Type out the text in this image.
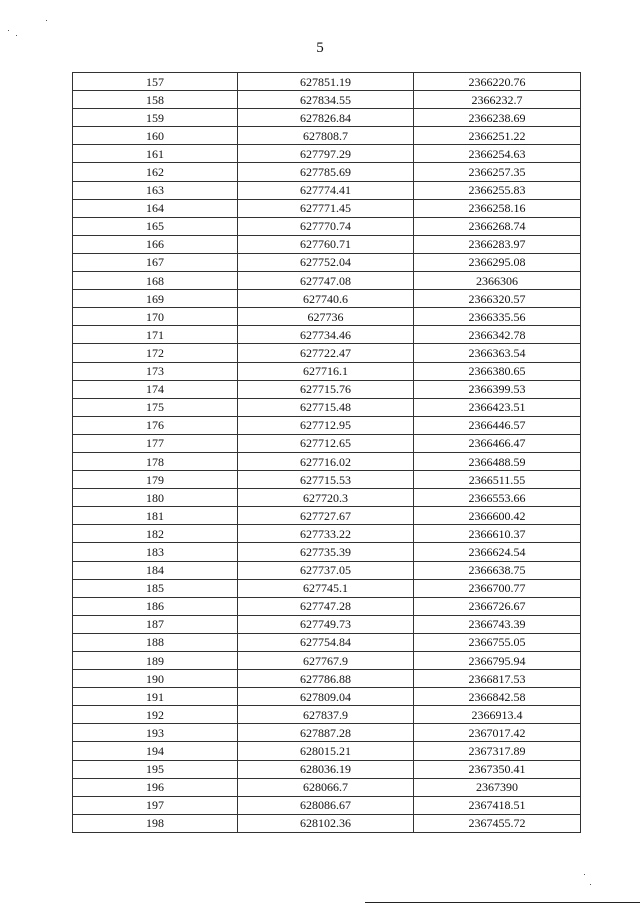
5
157	627851.19	2366220.76
158	627834.55	2366232.7
159	627826.84	2366238.69
160	627808.7	2366251.22
161	627797.29	2366254.63
162	627785.69	2366257.35
163	627774.41	2366255.83
164	627771.45	2366258.16
165	627770.74	2366268.74
166	627760.71	2366283.97
167	627752.04	2366295.08
168	627747.08	2366306
169	627740.6	2366320.57
170	627736	2366335.56
171	627734.46	2366342.78
172	627722.47	2366363.54
173	627716.1	2366380.65
174	627715.76	2366399.53
175	627715.48	2366423.51
176	627712.95	2366446.57
177	627712.65	2366466.47
178	627716.02	2366488.59
179	627715.53	2366511.55
180	627720.3	2366553.66
181	627727.67	2366600.42
182	627733.22	2366610.37
183	627735.39	2366624.54
184	627737.05	2366638.75
185	627745.1	2366700.77
186	627747.28	2366726.67
187	627749.73	2366743.39
188	627754.84	2366755.05
189	627767.9	2366795.94
190	627786.88	2366817.53
191	627809.04	2366842.58
192	627837.9	2366913.4
193	627887.28	2367017.42
194	628015.21	2367317.89
195	628036.19	2367350.41
196	628066.7	2367390
197	628086.67	2367418.51
198	628102.36	2367455.72
